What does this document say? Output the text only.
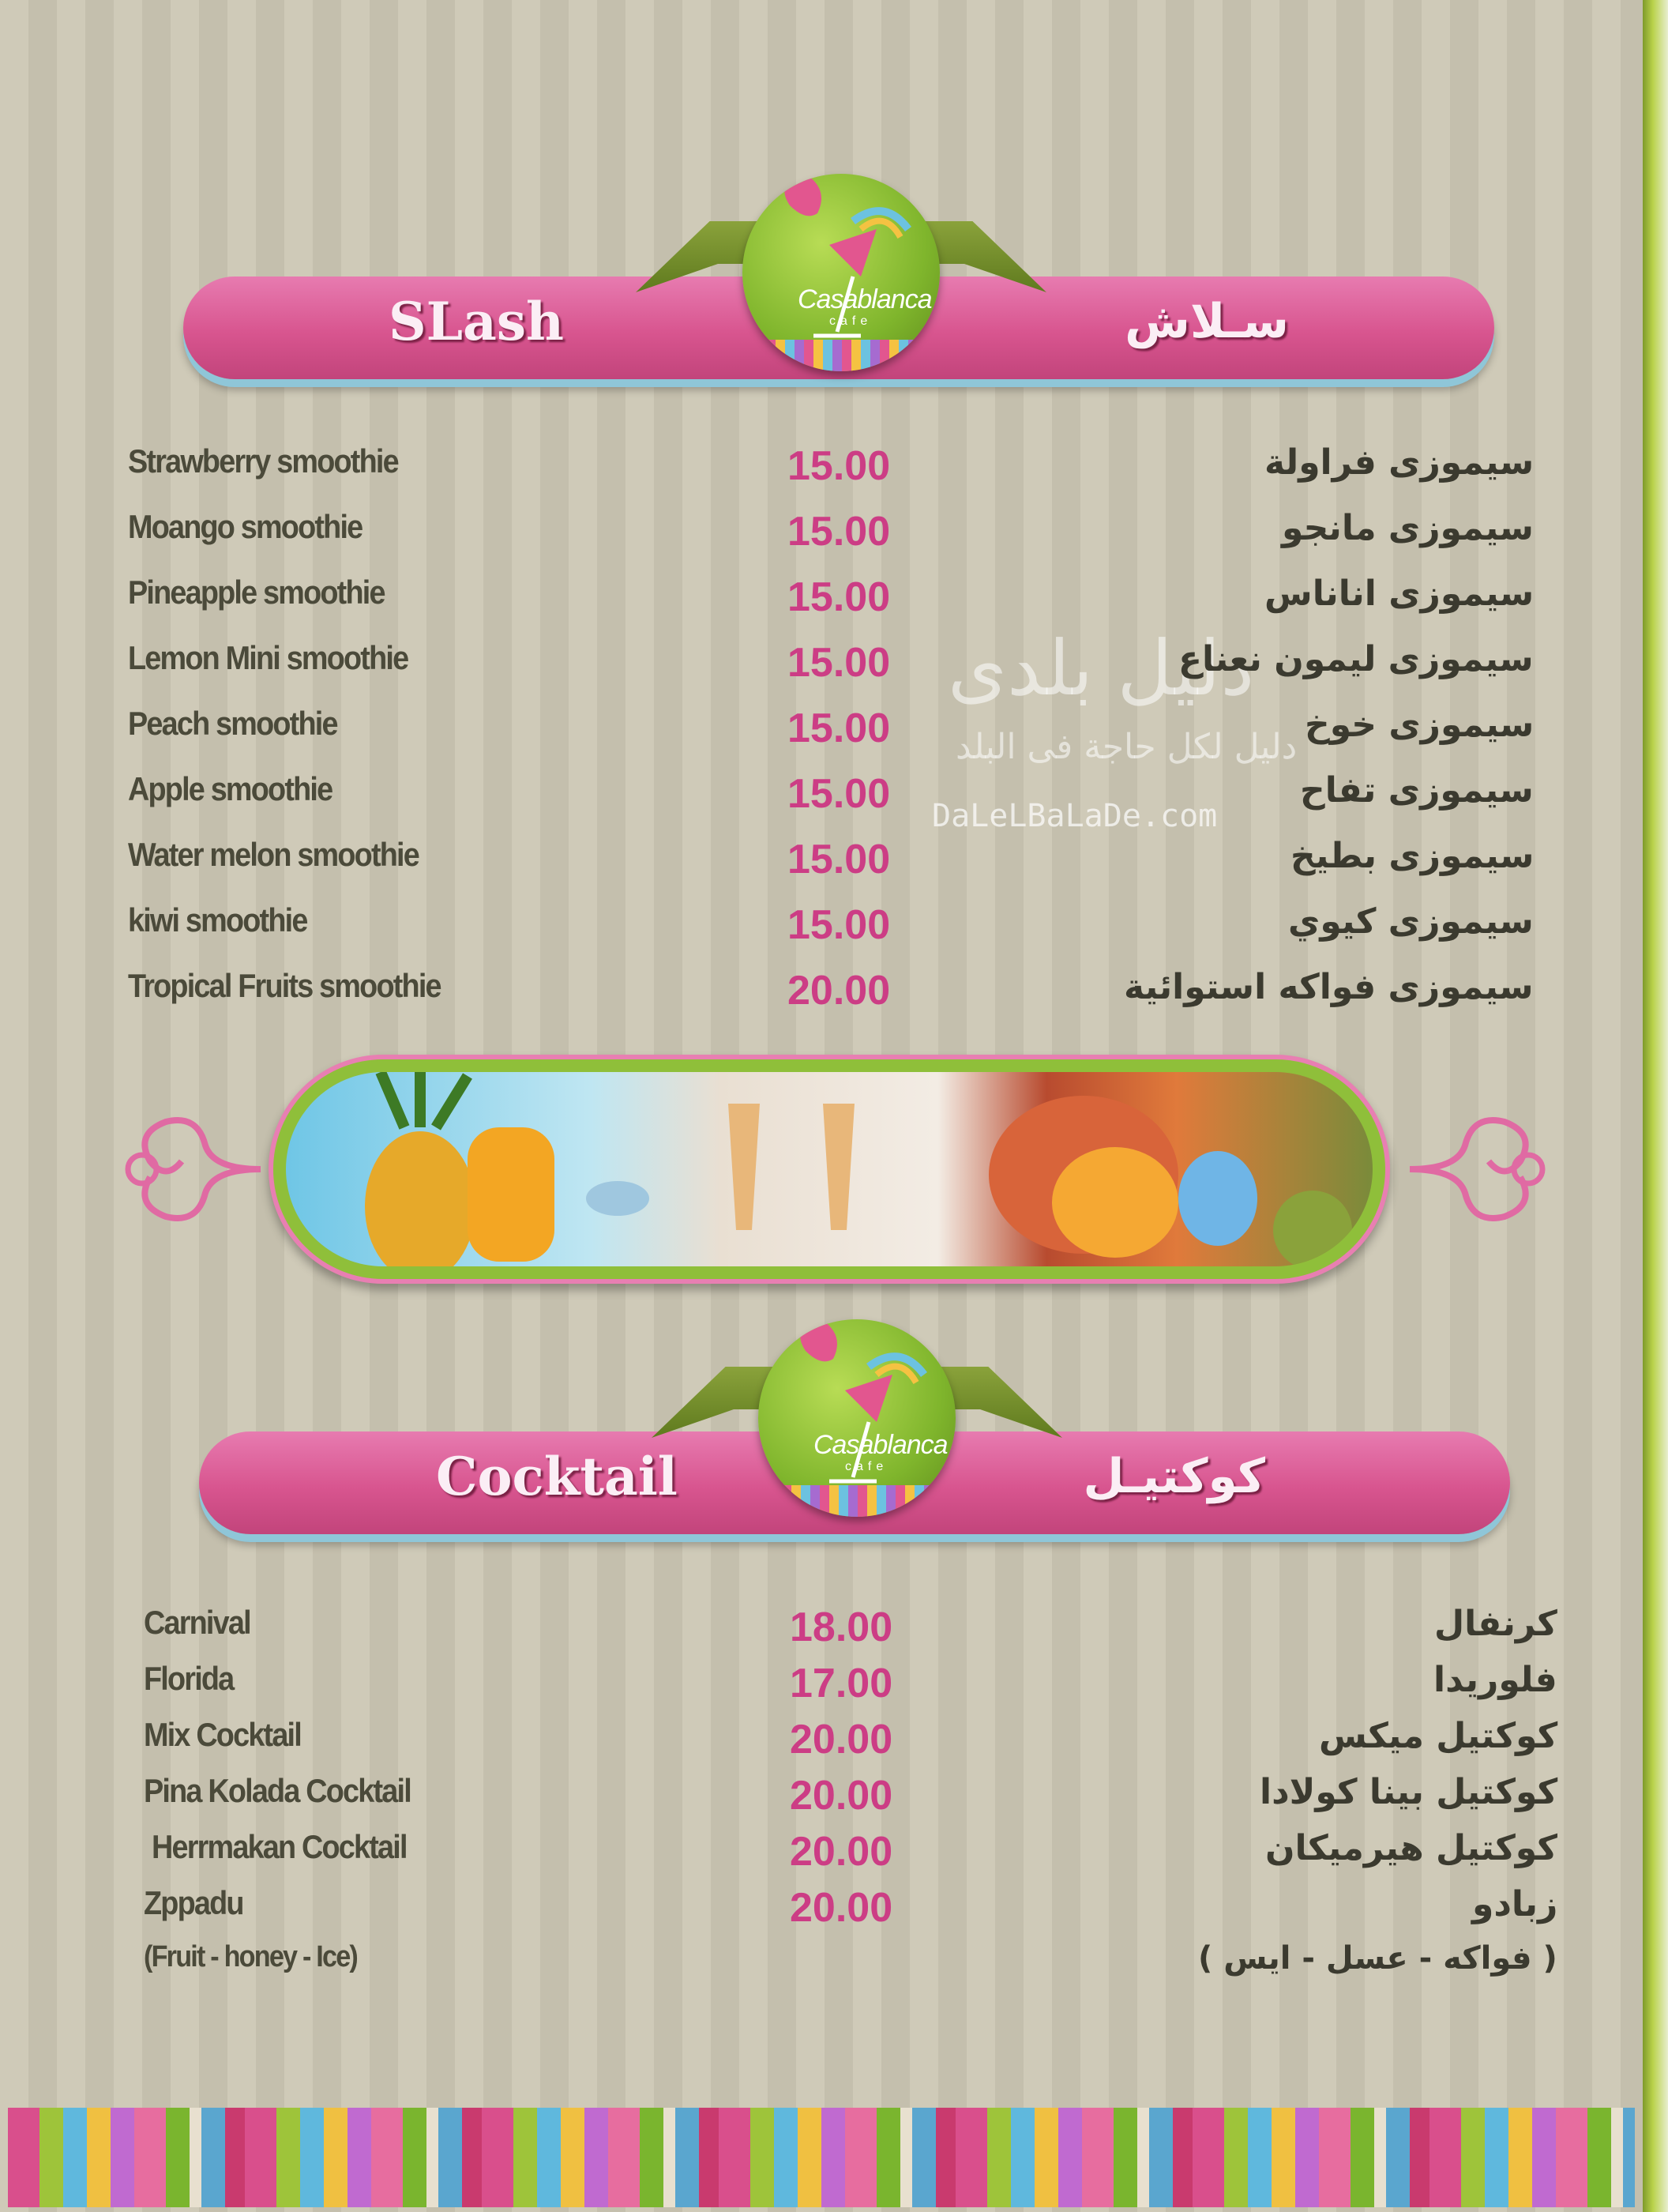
دليل بلدى
دليل لكل حاجة فى البلد
DaLeLBaLaDe.com
SLash	سـلاش
Casablanca
cafe
Strawberry smoothie	15.00	سيموزى فراولة
Moango smoothie	15.00	سيموزى مانجو
Pineapple smoothie	15.00	سيموزى اناناس
Lemon Mini smoothie	15.00	سيموزى ليمون نعناع
Peach smoothie	15.00	سيموزى خوخ
Apple smoothie	15.00	سيموزى تفاح
Water melon smoothie	15.00	سيموزى بطيخ
kiwi smoothie	15.00	سيموزى كيوي
Tropical Fruits smoothie	20.00	سيموزى فواكه استوائية
Cocktail	كوكتيـل
Casablanca
cafe
Carnival	18.00	كرنفال
Florida	17.00	فلوريدا
Mix Cocktail	20.00	كوكتيل ميكس
Pina Kolada Cocktail	20.00	كوكتيل بينا كولادا
Herrmakan Cocktail	20.00	كوكتيل هيرميكان
Zppadu	20.00	زبادو
(Fruit - honey - Ice)	( فواكه - عسل - ايس )
